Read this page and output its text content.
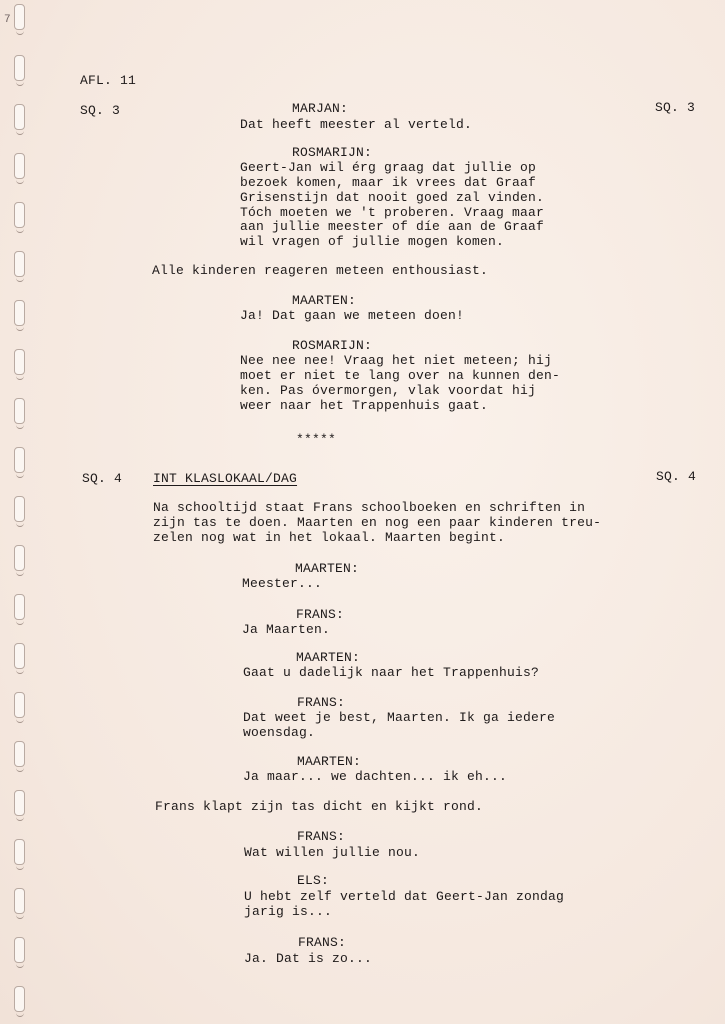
7
AFL. 11
SQ. 3	SQ. 3
MARJAN:
Dat heeft meester al verteld.
ROSMARIJN:
Geert-Jan wil érg graag dat jullie op
bezoek komen, maar ik vrees dat Graaf
Grisenstijn dat nooit goed zal vinden.
Tóch moeten we 't proberen. Vraag maar
aan jullie meester of díe aan de Graaf
wil vragen of jullie mogen komen.
Alle kinderen reageren meteen enthousiast.
MAARTEN:
Ja! Dat gaan we meteen doen!
ROSMARIJN:
Nee nee nee! Vraag het niet meteen; hij
moet er niet te lang over na kunnen den-
ken. Pas óvermorgen, vlak voordat hij
weer naar het Trappenhuis gaat.
*****
SQ. 4 INT KLASLOKAAL/DAG	SQ. 4
Na schooltijd staat Frans schoolboeken en schriften in
zijn tas te doen. Maarten en nog een paar kinderen treu-
zelen nog wat in het lokaal. Maarten begint.
MAARTEN:
Meester...
FRANS:
Ja Maarten.
MAARTEN:
Gaat u dadelijk naar het Trappenhuis?
FRANS:
Dat weet je best, Maarten. Ik ga iedere
woensdag.
MAARTEN:
Ja maar... we dachten... ik eh...
Frans klapt zijn tas dicht en kijkt rond.
FRANS:
Wat willen jullie nou.
ELS:
U hebt zelf verteld dat Geert-Jan zondag
jarig is...
FRANS:
Ja. Dat is zo...
